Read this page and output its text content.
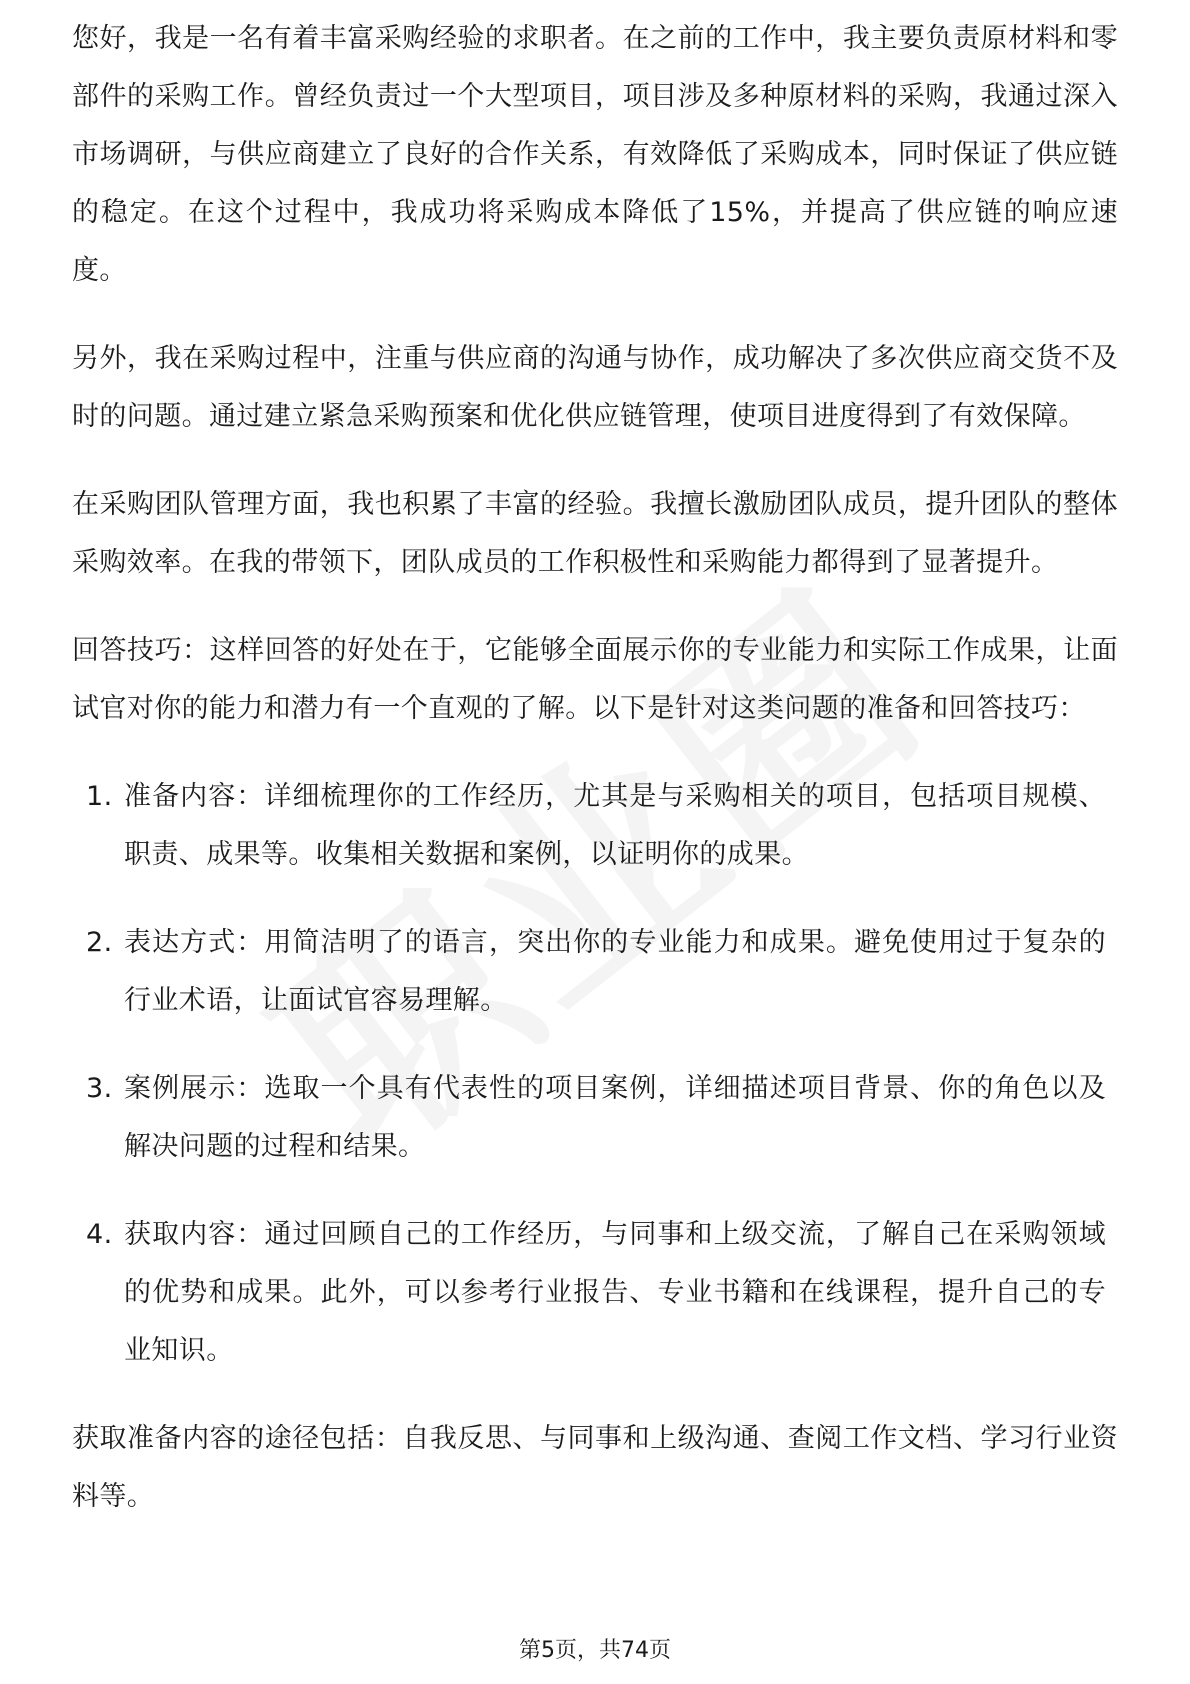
您好，我是一名有着丰富采购经验的求职者。在之前的工作中，我主要负责原材料和零部件的采购工作。曾经负责过一个大型项目，项目涉及多种原材料的采购，我通过深入市场调研，与供应商建立了良好的合作关系，有效降低了采购成本，同时保证了供应链的稳定。在这个过程中，我成功将采购成本降低了15%，并提高了供应链的响应速度。

另外，我在采购过程中，注重与供应商的沟通与协作，成功解决了多次供应商交货不及时的问题。通过建立紧急采购预案和优化供应链管理，使项目进度得到了有效保障。

在采购团队管理方面，我也积累了丰富的经验。我擅长激励团队成员，提升团队的整体采购效率。在我的带领下，团队成员的工作积极性和采购能力都得到了显著提升。

回答技巧：这样回答的好处在于，它能够全面展示你的专业能力和实际工作成果，让面试官对你的能力和潜力有一个直观的了解。以下是针对这类问题的准备和回答技巧：

1. 准备内容：详细梳理你的工作经历，尤其是与采购相关的项目，包括项目规模、职责、成果等。收集相关数据和案例，以证明你的成果。
2. 表达方式：用简洁明了的语言，突出你的专业能力和成果。避免使用过于复杂的行业术语，让面试官容易理解。
3. 案例展示：选取一个具有代表性的项目案例，详细描述项目背景、你的角色以及解决问题的过程和结果。
4. 获取内容：通过回顾自己的工作经历，与同事和上级交流，了解自己在采购领域的优势和成果。此外，可以参考行业报告、专业书籍和在线课程，提升自己的专业知识。

获取准备内容的途径包括：自我反思、与同事和上级沟通、查阅工作文档、学习行业资料等。

第5页，共74页
